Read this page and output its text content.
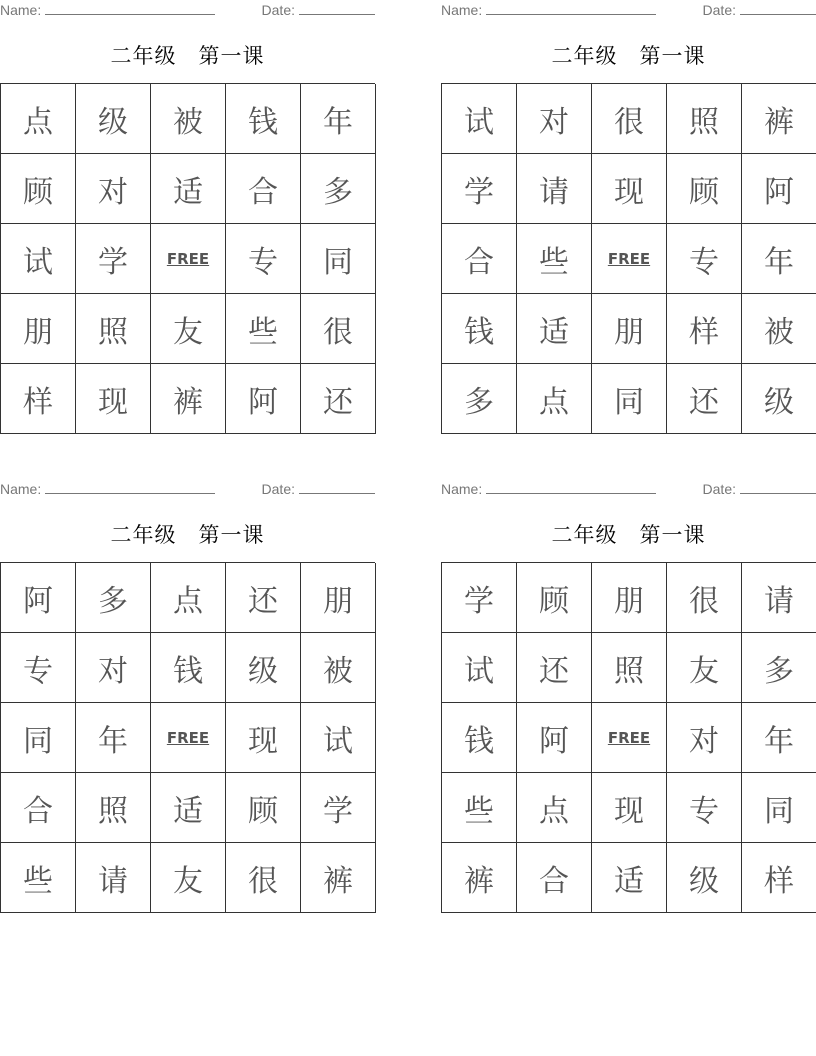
Name:	Date:
二年级　第一课
点	级	被	钱	年
顾	对	适	合	多
试	学	FREE	专	同
朋	照	友	些	很
样	现	裤	阿	还
Name:	Date:
二年级　第一课
试	对	很	照	裤
学	请	现	顾	阿
合	些	FREE	专	年
钱	适	朋	样	被
多	点	同	还	级
Name:	Date:
二年级　第一课
阿	多	点	还	朋
专	对	钱	级	被
同	年	FREE	现	试
合	照	适	顾	学
些	请	友	很	裤
Name:	Date:
二年级　第一课
学	顾	朋	很	请
试	还	照	友	多
钱	阿	FREE	对	年
些	点	现	专	同
裤	合	适	级	样
